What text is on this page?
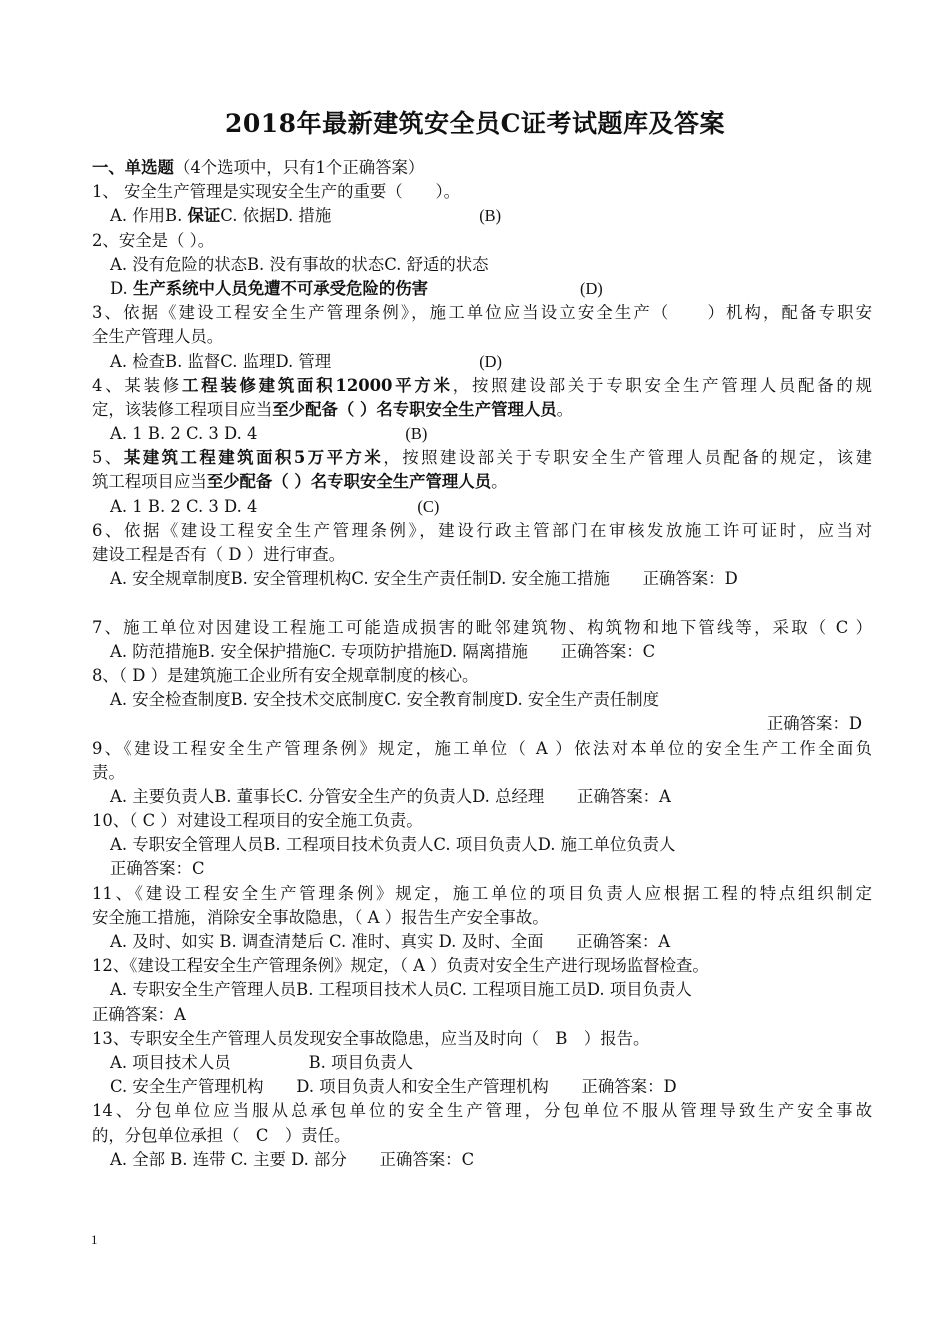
2018年最新建筑安全员C证考试题库及答案
一、单选题（4个选项中，只有1个正确答案）
1、 安全生产管理是实现安全生产的重要（　　）。
A. 作用B. 保证C. 依据D. 措施	(B)
2、安全是（ ）。
A. 没有危险的状态B. 没有事故的状态C. 舒适的状态
D. 生产系统中人员免遭不可承受危险的伤害	(D)
3、依据《建设工程安全生产管理条例》，施工单位应当设立安全生产（　　）机构，配备专职安
全生产管理人员。
A. 检查B. 监督C. 监理D. 管理	(D)
4、某装修工程装修建筑面积12000平方米，按照建设部关于专职安全生产管理人员配备的规
定，该装修工程项目应当至少配备（ ）名专职安全生产管理人员。
A. 1 B. 2 C. 3 D. 4	(B)
5、某建筑工程建筑面积5万平方米，按照建设部关于专职安全生产管理人员配备的规定，该建
筑工程项目应当至少配备（ ）名专职安全生产管理人员。
A. 1 B. 2 C. 3 D. 4	(C)
6、依据《建设工程安全生产管理条例》，建设行政主管部门在审核发放施工许可证时，应当对
建设工程是否有（ D ）进行审查。
A. 安全规章制度B. 安全管理机构C. 安全生产责任制D. 安全施工措施　　正确答案：D
7、施工单位对因建设工程施工可能造成损害的毗邻建筑物、构筑物和地下管线等，采取（ C ）
A. 防范措施B. 安全保护措施C. 专项防护措施D. 隔离措施　　正确答案：C
8、（ D ）是建筑施工企业所有安全规章制度的核心。
A. 安全检查制度B. 安全技术交底制度C. 安全教育制度D. 安全生产责任制度
正确答案：D
9、《建设工程安全生产管理条例》规定，施工单位（ A ）依法对本单位的安全生产工作全面负
责。
A. 主要负责人B. 董事长C. 分管安全生产的负责人D. 总经理　　正确答案：A
10、（ C ）对建设工程项目的安全施工负责。
A. 专职安全管理人员B. 工程项目技术负责人C. 项目负责人D. 施工单位负责人
正确答案：C
11、《建设工程安全生产管理条例》规定，施工单位的项目负责人应根据工程的特点组织制定
安全施工措施，消除安全事故隐患，（ A ）报告生产安全事故。
A. 及时、如实 B. 调查清楚后 C. 准时、真实 D. 及时、全面　　正确答案：A
12、《建设工程安全生产管理条例》规定，（ A ）负责对安全生产进行现场监督检查。
A. 专职安全生产管理人员B. 工程项目技术人员C. 工程项目施工员D. 项目负责人
正确答案：A
13、专职安全生产管理人员发现安全事故隐患，应当及时向（　B　）报告。
A. 项目技术人员	B. 项目负责人
C. 安全生产管理机构　　D. 项目负责人和安全生产管理机构　　正确答案：D
14、分包单位应当服从总承包单位的安全生产管理，分包单位不服从管理导致生产安全事故
的，分包单位承担（　C　）责任。
A. 全部 B. 连带 C. 主要 D. 部分　　正确答案：C
1
